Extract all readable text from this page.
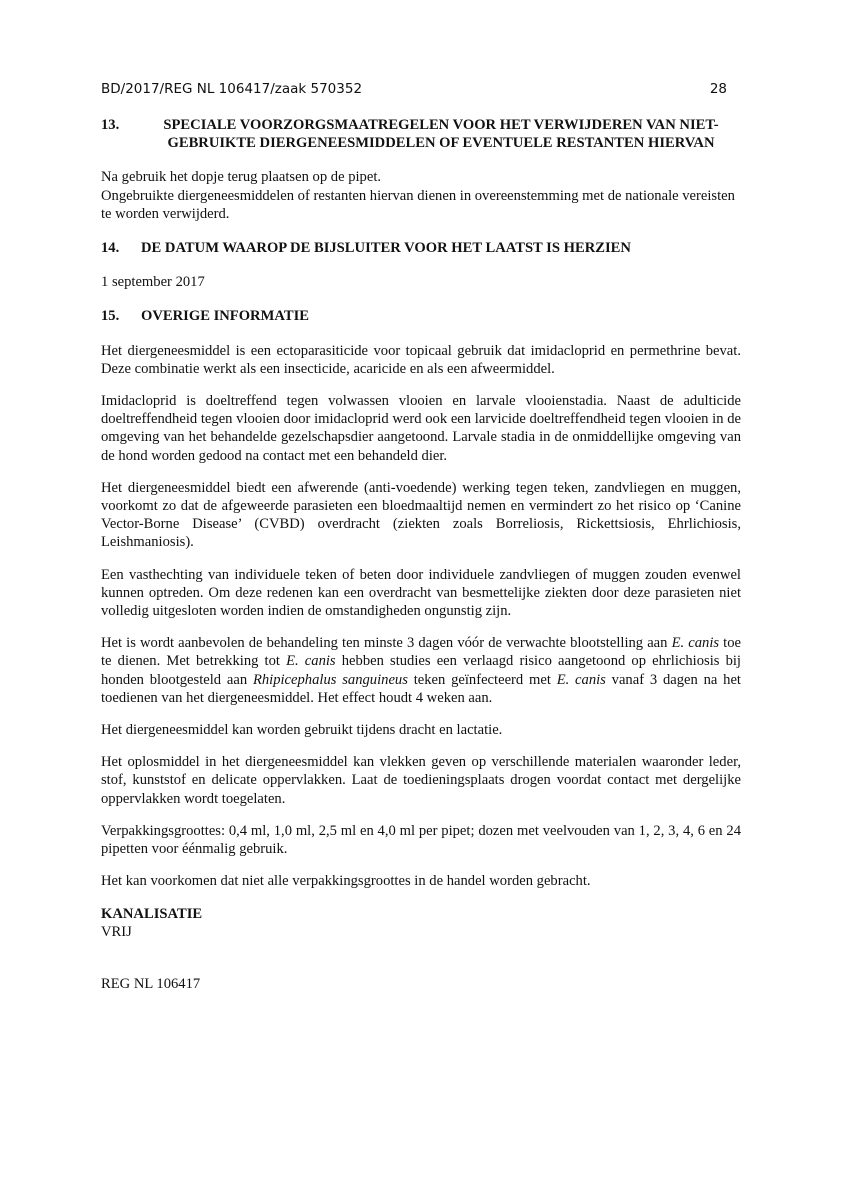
BD/2017/REG NL 106417/zaak 570352	28
13.	SPECIALE VOORZORGSMAATREGELEN VOOR HET VERWIJDEREN VAN NIET-
GEBRUIKTE DIERGENEESMIDDELEN OF EVENTUELE RESTANTEN HIERVAN

Na gebruik het dopje terug plaatsen op de pipet.

Ongebruikte diergeneesmiddelen of restanten hiervan dienen in overeenstemming met de nationale vereisten te worden verwijderd.

14.	DE DATUM WAAROP DE BIJSLUITER VOOR HET LAATST IS HERZIEN

1 september 2017

15.	OVERIGE INFORMATIE

Het diergeneesmiddel is een ectoparasiticide voor topicaal gebruik dat imidacloprid en permethrine bevat. Deze combinatie werkt als een insecticide, acaricide en als een afweermiddel.

Imidacloprid is doeltreffend tegen volwassen vlooien en larvale vlooienstadia. Naast de adulticide doeltreffendheid tegen vlooien door imidacloprid werd ook een larvicide doeltreffendheid tegen vlooien in de omgeving van het behandelde gezelschapsdier aangetoond. Larvale stadia in de onmiddellijke omgeving van de hond worden gedood na contact met een behandeld dier.

Het diergeneesmiddel biedt een afwerende (anti-voedende) werking tegen teken, zandvliegen en muggen, voorkomt zo dat de afgeweerde parasieten een bloedmaaltijd nemen en vermindert zo het risico op ‘Canine Vector-Borne Disease’ (CVBD) overdracht (ziekten zoals Borreliosis, Rickettsiosis, Ehrlichiosis, Leishmaniosis).

Een vasthechting van individuele teken of beten door individuele zandvliegen of muggen zouden evenwel kunnen optreden. Om deze redenen kan een overdracht van besmettelijke ziekten door deze parasieten niet volledig uitgesloten worden indien de omstandigheden ongunstig zijn.

Het is wordt aanbevolen de behandeling ten minste 3 dagen vóór de verwachte blootstelling aan E. canis toe te dienen. Met betrekking tot E. canis hebben studies een verlaagd risico aangetoond op ehrlichiosis bij honden blootgesteld aan Rhipicephalus sanguineus teken geïnfecteerd met E. canis vanaf 3 dagen na het toedienen van het diergeneesmiddel. Het effect houdt 4 weken aan.

Het diergeneesmiddel kan worden gebruikt tijdens dracht en lactatie.

Het oplosmiddel in het diergeneesmiddel kan vlekken geven op verschillende materialen waaronder leder, stof, kunststof en delicate oppervlakken. Laat de toedieningsplaats drogen voordat contact met dergelijke oppervlakken wordt toegelaten.

Verpakkingsgroottes: 0,4 ml, 1,0 ml, 2,5 ml en 4,0 ml per pipet; dozen met veelvouden van 1, 2, 3, 4, 6 en 24 pipetten voor éénmalig gebruik.

Het kan voorkomen dat niet alle verpakkingsgroottes in de handel worden gebracht.

KANALISATIE

VRIJ

REG NL 106417
